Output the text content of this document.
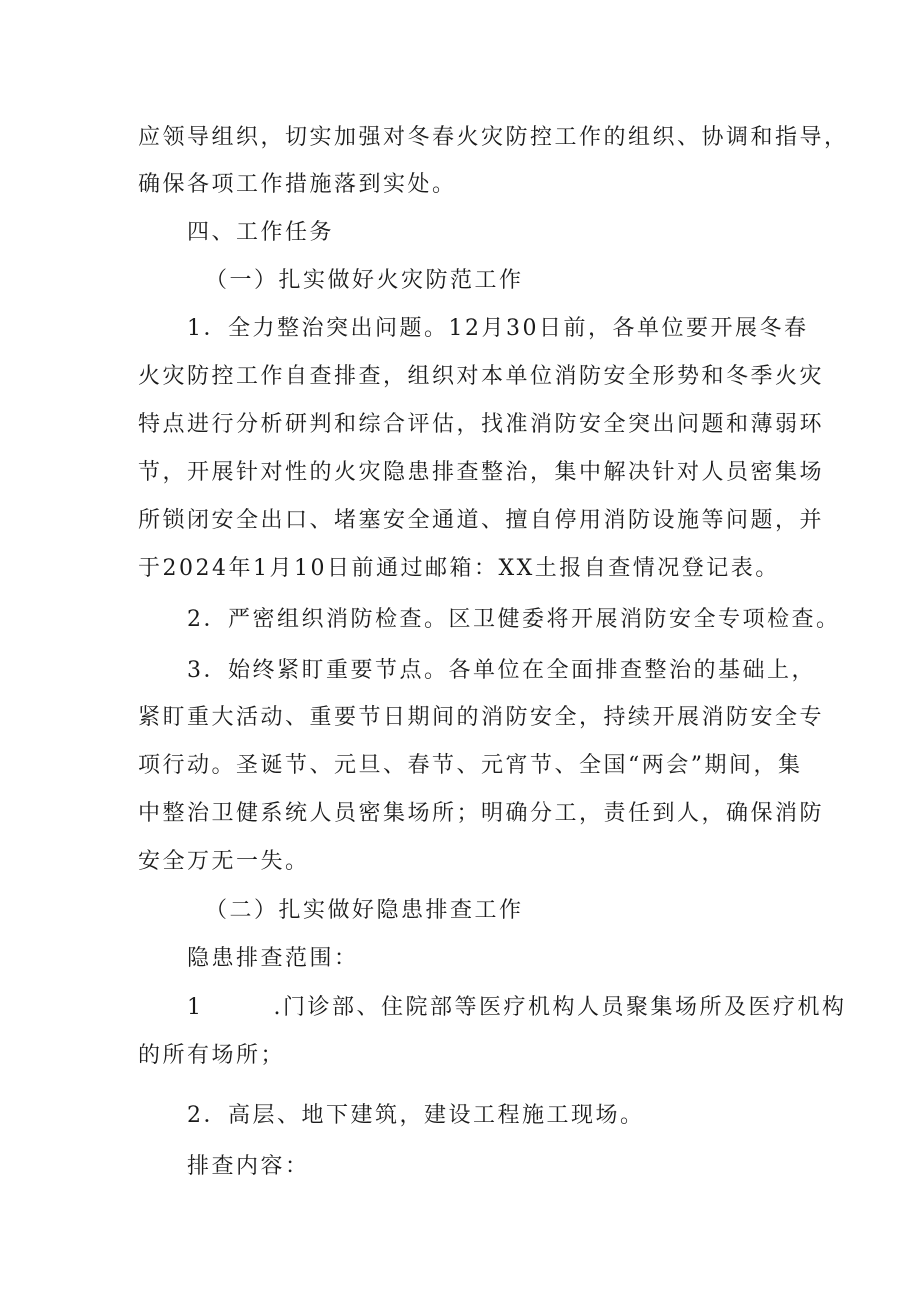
应领导组织，切实加强对冬春火灾防控工作的组织、协调和指导，
确保各项工作措施落到实处。
四、工作任务
（一）扎实做好火灾防范工作
1．全力整治突出问题。12月30日前，各单位要开展冬春
火灾防控工作自查排查，组织对本单位消防安全形势和冬季火灾
特点进行分析研判和综合评估，找准消防安全突出问题和薄弱环
节，开展针对性的火灾隐患排查整治，集中解决针对人员密集场
所锁闭安全出口、堵塞安全通道、擅自停用消防设施等问题，并
于2024年1月10日前通过邮箱：XX土报自查情况登记表。
2．严密组织消防检查。区卫健委将开展消防安全专项检查。
3．始终紧盯重要节点。各单位在全面排查整治的基础上，
紧盯重大活动、重要节日期间的消防安全，持续开展消防安全专
项行动。圣诞节、元旦、春节、元宵节、全国“两会”期间，集
中整治卫健系统人员密集场所；明确分工，责任到人，确保消防
安全万无一失。
（二）扎实做好隐患排查工作
隐患排查范围：
1	.门诊部、住院部等医疗机构人员聚集场所及医疗机构
的所有场所；
2．高层、地下建筑，建设工程施工现场。
排查内容：
